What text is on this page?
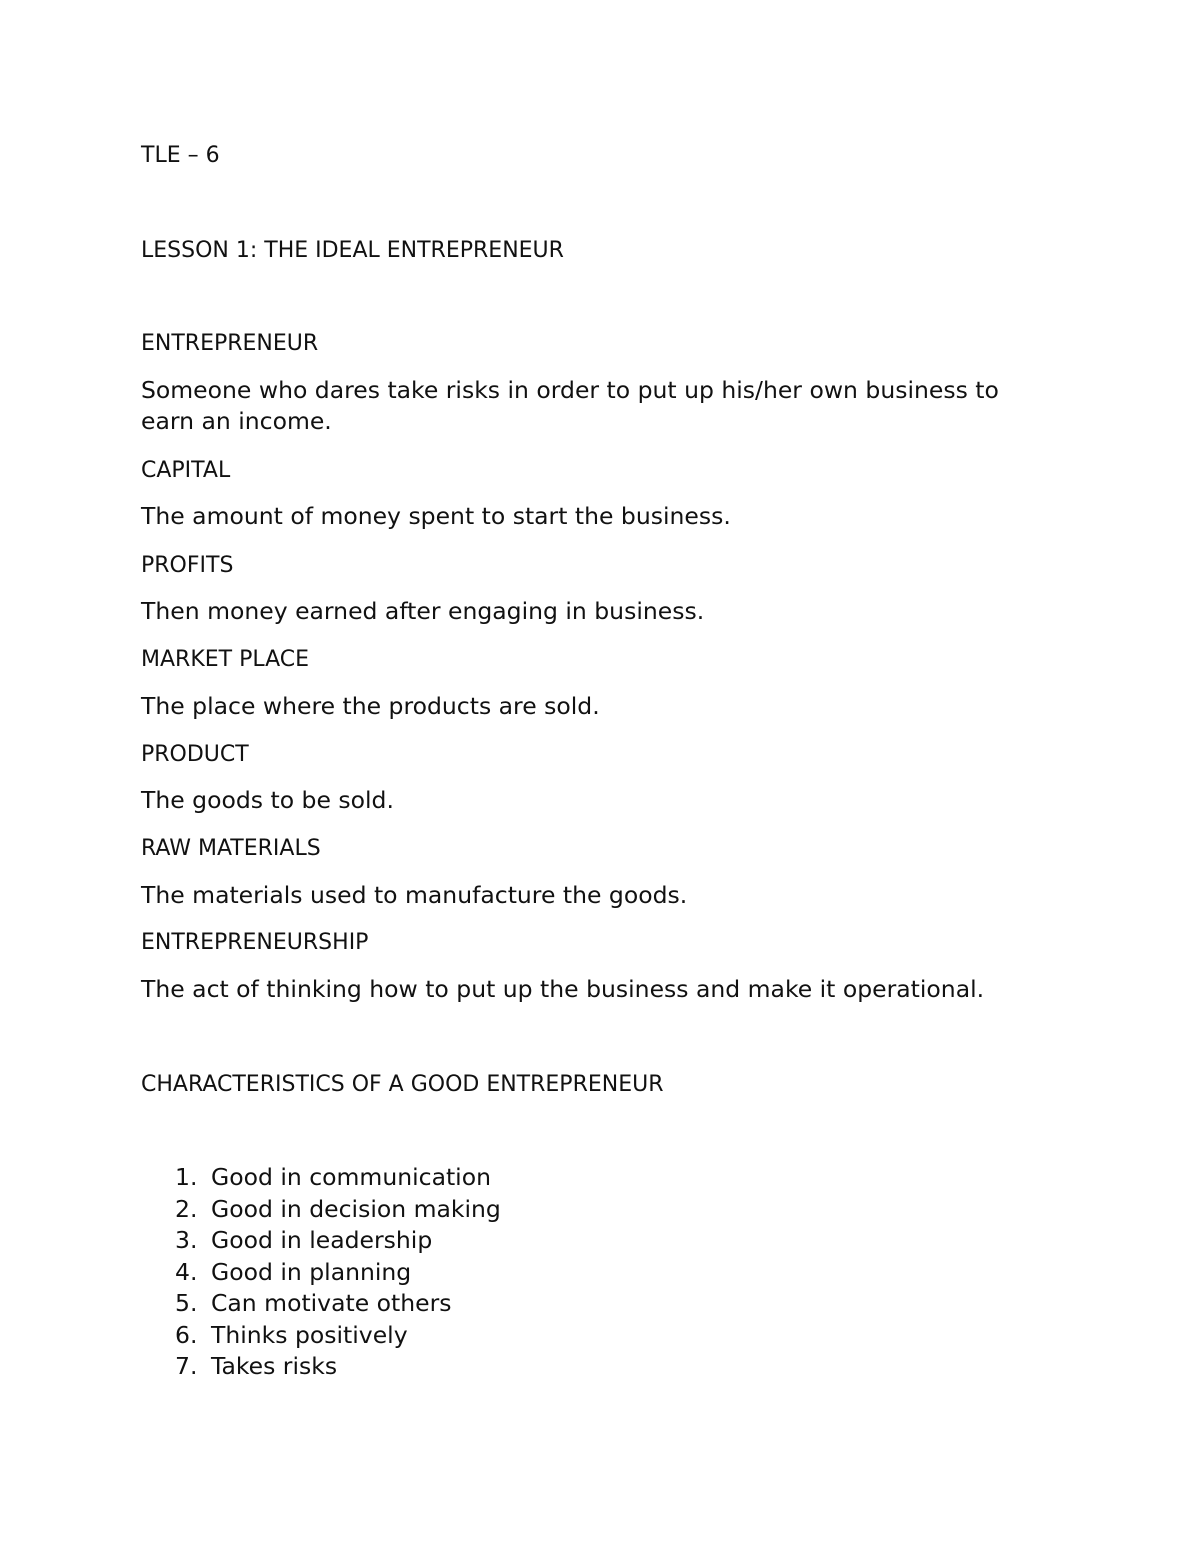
TLE – 6

LESSON 1: THE IDEAL ENTREPRENEUR

ENTREPRENEUR

Someone who dares take risks in order to put up his/her own business to

earn an income.

CAPITAL

The amount of money spent to start the business.

PROFITS

Then money earned after engaging in business.

MARKET PLACE

The place where the products are sold.

PRODUCT

The goods to be sold.

RAW MATERIALS

The materials used to manufacture the goods.

ENTREPRENEURSHIP

The act of thinking how to put up the business and make it operational.

CHARACTERISTICS OF A GOOD ENTREPRENEUR

1. Good in communication
2. Good in decision making
3. Good in leadership
4. Good in planning
5. Can motivate others
6. Thinks positively
7. Takes risks
